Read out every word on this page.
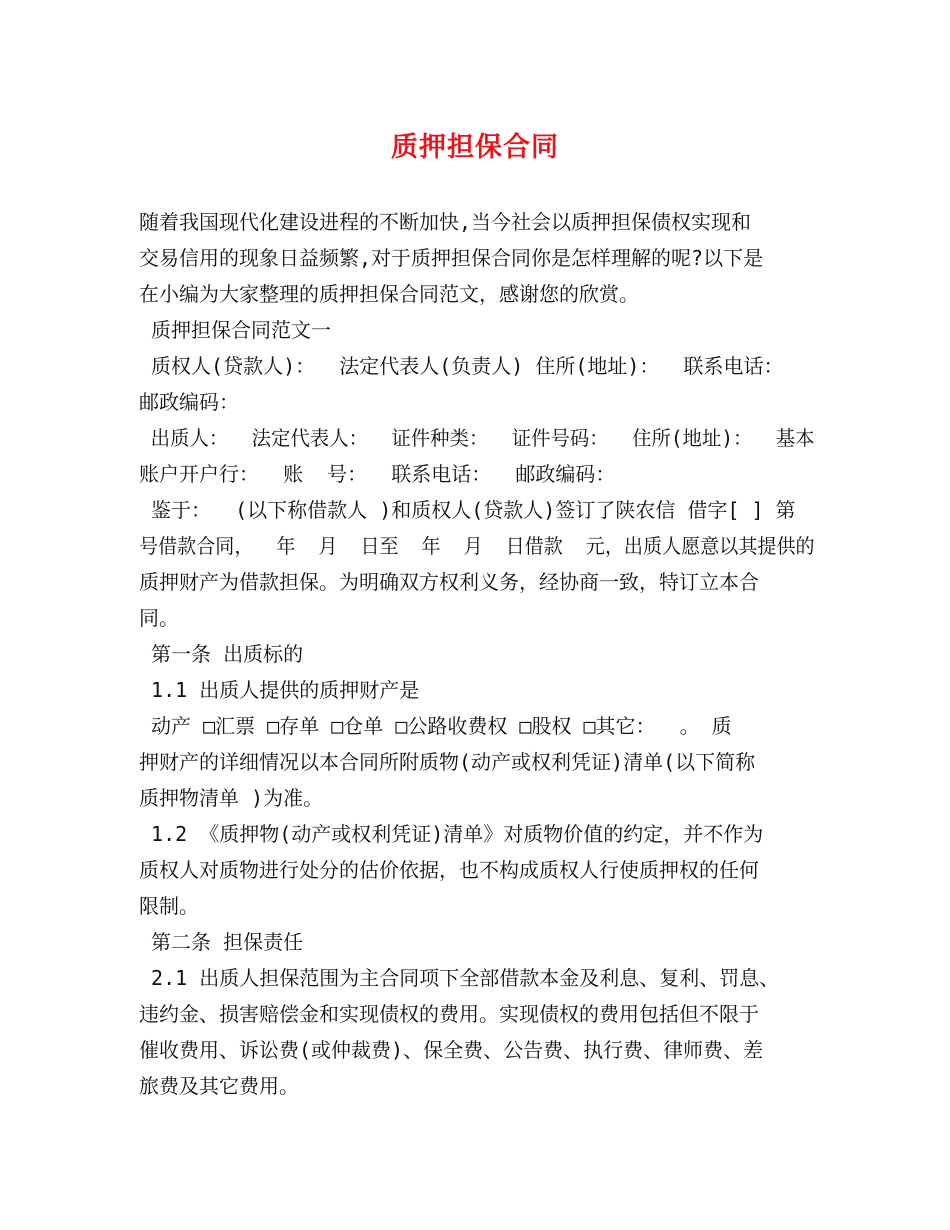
质押担保合同
随着我国现代化建设进程的不断加快,当今社会以质押担保债权实现和
交易信用的现象日益频繁,对于质押担保合同你是怎样理解的呢?以下是
在小编为大家整理的质押担保合同范文，感谢您的欣赏。
质押担保合同范文一
质权人(贷款人)：  法定代表人(负责人) 住所(地址)：  联系电话：
邮政编码：
出质人：  法定代表人：  证件种类：  证件号码：  住所(地址)：  基本
账户开户行：  账  号：  联系电话：  邮政编码：
鉴于：  (以下称借款人 )和质权人(贷款人)签订了陕农信 借字[ ] 第
号借款合同，  年  月  日至  年  月  日借款  元，出质人愿意以其提供的
质押财产为借款担保。为明确双方权利义务，经协商一致，特订立本合
同。
第一条 出质标的
1.1 出质人提供的质押财产是
动产 □汇票 □存单 □仓单 □公路收费权 □股权 □其它：  。 质
押财产的详细情况以本合同所附质物(动产或权利凭证)清单(以下简称
质押物清单 )为准。
1.2 《质押物(动产或权利凭证)清单》对质物价值的约定，并不作为
质权人对质物进行处分的估价依据，也不构成质权人行使质押权的任何
限制。
第二条 担保责任
2.1 出质人担保范围为主合同项下全部借款本金及利息、复利、罚息、
违约金、损害赔偿金和实现债权的费用。实现债权的费用包括但不限于
催收费用、诉讼费(或仲裁费)、保全费、公告费、执行费、律师费、差
旅费及其它费用。
